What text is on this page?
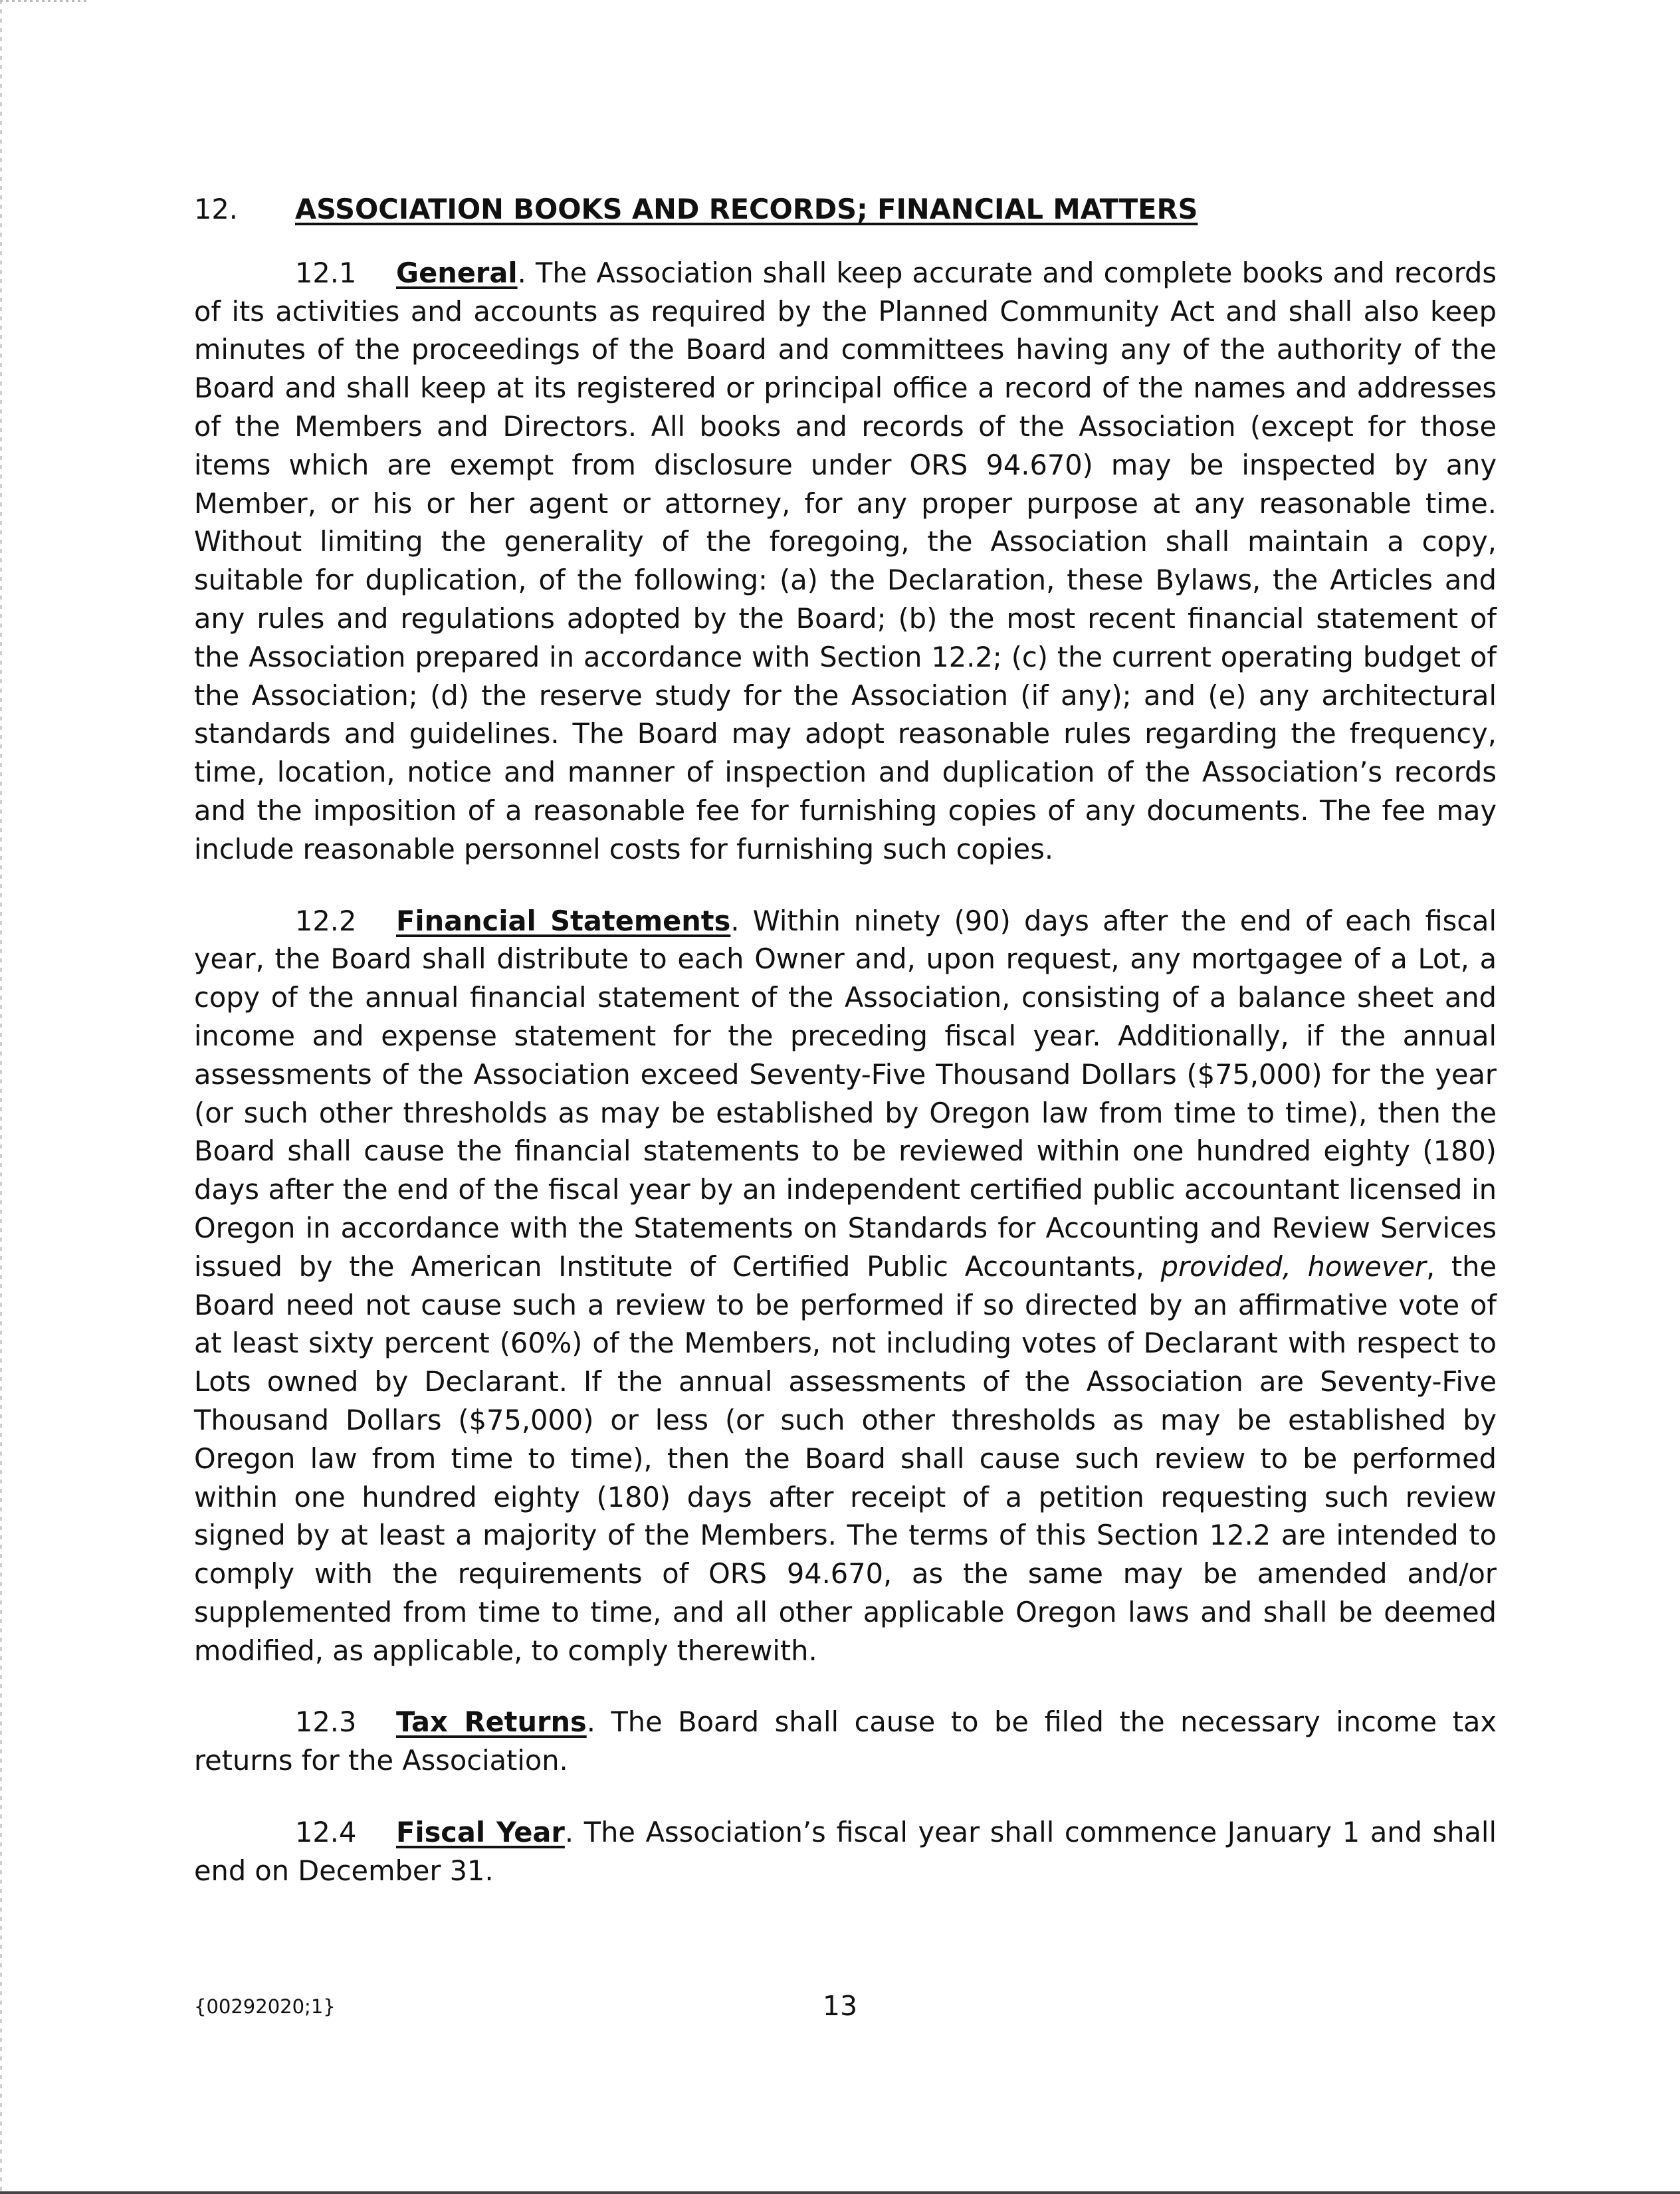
12. ASSOCIATION BOOKS AND RECORDS; FINANCIAL MATTERS

12.1 General. The Association shall keep accurate and complete books and records of its activities and accounts as required by the Planned Community Act and shall also keep minutes of the proceedings of the Board and committees having any of the authority of the Board and shall keep at its registered or principal office a record of the names and addresses of the Members and Directors. All books and records of the Association (except for those items which are exempt from disclosure under ORS 94.670) may be inspected by any Member, or his or her agent or attorney, for any proper purpose at any reasonable time. Without limiting the generality of the foregoing, the Association shall maintain a copy, suitable for duplication, of the following: (a) the Declaration, these Bylaws, the Articles and any rules and regulations adopted by the Board; (b) the most recent financial statement of the Association prepared in accordance with Section 12.2; (c) the current operating budget of the Association; (d) the reserve study for the Association (if any); and (e) any architectural standards and guidelines. The Board may adopt reasonable rules regarding the frequency, time, location, notice and manner of inspection and duplication of the Association’s records and the imposition of a reasonable fee for furnishing copies of any documents. The fee may include reasonable personnel costs for furnishing such copies.

12.2 Financial Statements. Within ninety (90) days after the end of each fiscal year, the Board shall distribute to each Owner and, upon request, any mortgagee of a Lot, a copy of the annual financial statement of the Association, consisting of a balance sheet and income and expense statement for the preceding fiscal year. Additionally, if the annual assessments of the Association exceed Seventy-Five Thousand Dollars ($75,000) for the year (or such other thresholds as may be established by Oregon law from time to time), then the Board shall cause the financial statements to be reviewed within one hundred eighty (180) days after the end of the fiscal year by an independent certified public accountant licensed in Oregon in accordance with the Statements on Standards for Accounting and Review Services issued by the American Institute of Certified Public Accountants, provided, however, the Board need not cause such a review to be performed if so directed by an affirmative vote of at least sixty percent (60%) of the Members, not including votes of Declarant with respect to Lots owned by Declarant. If the annual assessments of the Association are Seventy-Five Thousand Dollars ($75,000) or less (or such other thresholds as may be established by Oregon law from time to time), then the Board shall cause such review to be performed within one hundred eighty (180) days after receipt of a petition requesting such review signed by at least a majority of the Members. The terms of this Section 12.2 are intended to comply with the requirements of ORS 94.670, as the same may be amended and/or supplemented from time to time, and all other applicable Oregon laws and shall be deemed modified, as applicable, to comply therewith.

12.3 Tax Returns. The Board shall cause to be filed the necessary income tax returns for the Association.

12.4 Fiscal Year. The Association’s fiscal year shall commence January 1 and shall end on December 31.

{00292020;1}	13
